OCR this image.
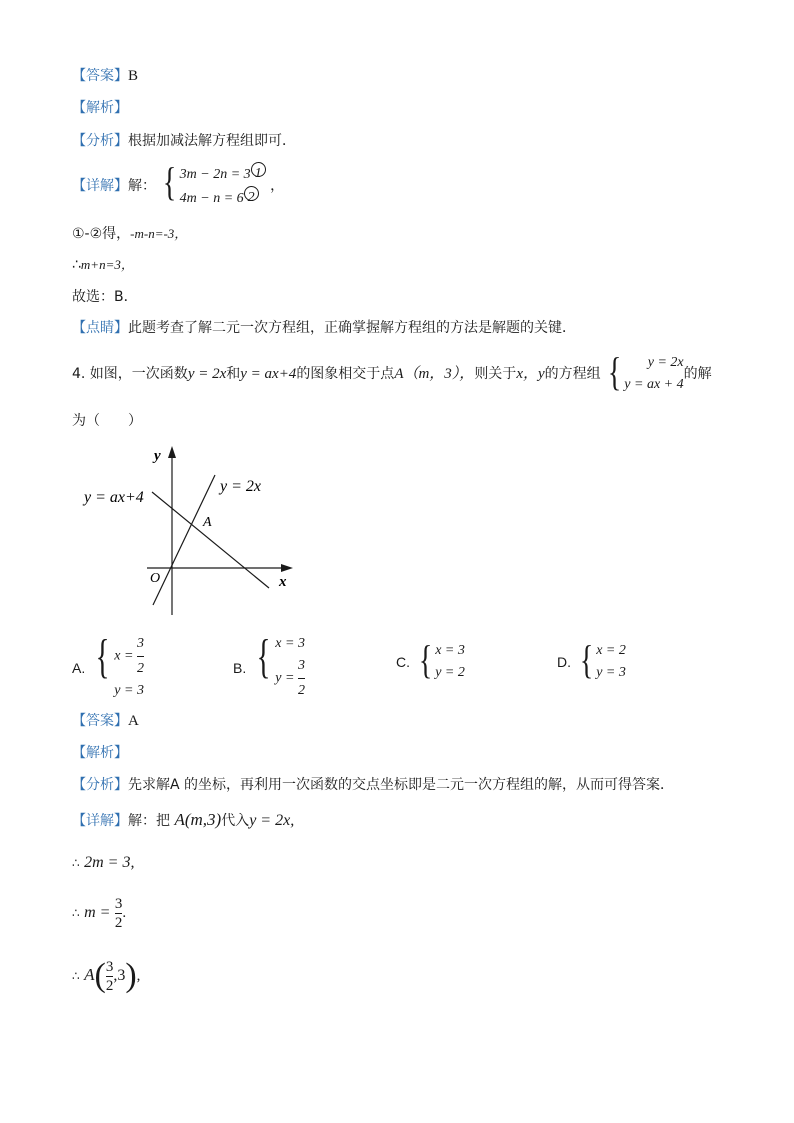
【答案】B
【解析】
【分析】根据加减法解方程组即可．
【详解】解： { 3m − 2n = 3 1
4m − n = 6 2
，
①-②得，-m-n=-3，
∴m+n=3，
故选：B．
【点睛】此题考查了解二元一次方程组，正确掌握解方程组的方法是解题的关键．
4. 如图，一次函数y = 2x和y = ax+4的图象相交于点A（m，3），则关于x，y的方程组 {	y = 2x
y = ax + 4
的解
为（　　）
y
x
O
y = 2x
y = ax+4
A
A. { $x = \frac{3}{2}$
y = 3
B. { x = 3
$y = \frac{3}{2}$	C. { x = 3
y = 2
D. { x = 2
y = 3
【答案】A
【解析】
【分析】先求解A 的坐标，再利用一次函数的交点坐标即是二元一次方程组的解，从而可得答案．
【详解】解：把 A(m,3)代入y = 2x,
∴ 2m = 3,
∴ $m = \frac{3}{2}$ .
∴ $A( \frac{3}{2} ,3)$,
